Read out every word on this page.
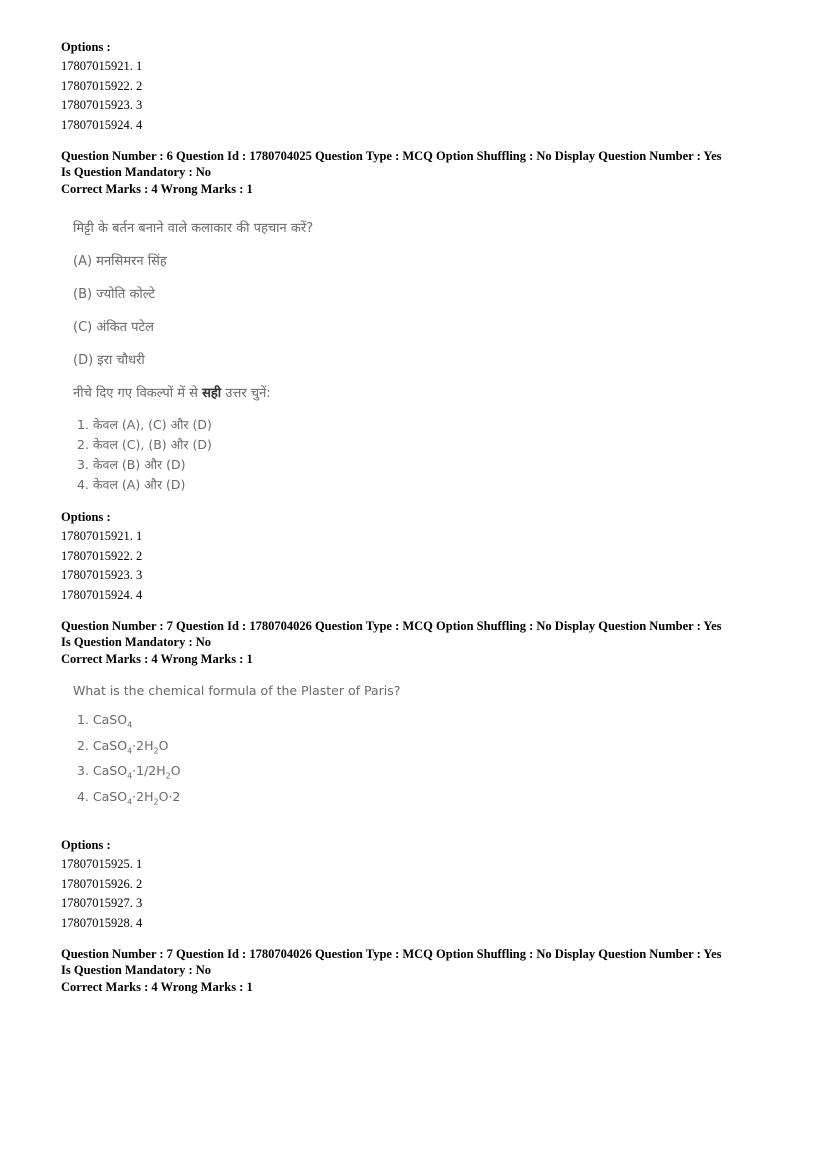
Options :
17807015921. 1
17807015922. 2
17807015923. 3
17807015924. 4
Question Number : 6 Question Id : 1780704025 Question Type : MCQ Option Shuffling : No Display Question Number : Yes
Is Question Mandatory : No
Correct Marks : 4 Wrong Marks : 1
मिट्टी के बर्तन बनाने वाले कलाकार की पहचान करें?
(A) मनसिमरन सिंह
(B) ज्योति कोल्टे
(C) अंकित पटेल
(D) इरा चौधरी
नीचे दिए गए विकल्पों में से सही उत्तर चुनें:
1. केवल (A), (C) और (D)
2. केवल (C), (B) और (D)
3. केवल (B) और (D)
4. केवल (A) और (D)
Options :
17807015921. 1
17807015922. 2
17807015923. 3
17807015924. 4
Question Number : 7 Question Id : 1780704026 Question Type : MCQ Option Shuffling : No Display Question Number : Yes
Is Question Mandatory : No
Correct Marks : 4 Wrong Marks : 1
What is the chemical formula of the Plaster of Paris?
1. CaSO$_4$
2. $CaSO_4\cdot 2H_2O$
3. $CaSO_4\cdot 1/2H_2O$
4. $CaSO_4\cdot 2H_2O\cdot 2$
Options :
17807015925. 1
17807015926. 2
17807015927. 3
17807015928. 4
Question Number : 7 Question Id : 1780704026 Question Type : MCQ Option Shuffling : No Display Question Number : Yes
Is Question Mandatory : No
Correct Marks : 4 Wrong Marks : 1
